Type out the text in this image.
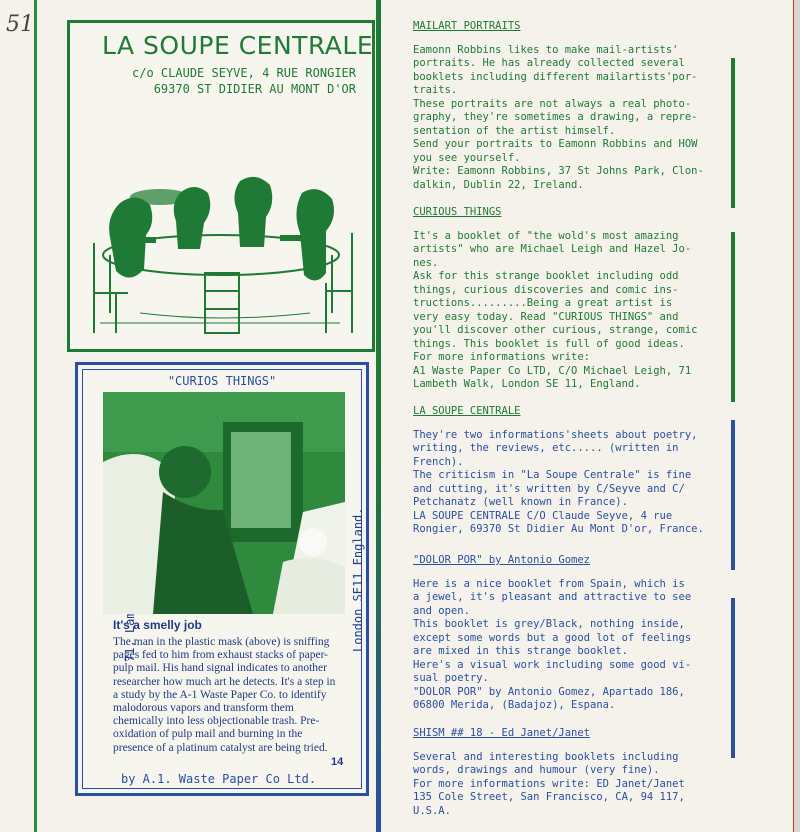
51
LA SOUPE CENTRALE
c/o CLAUDE SEYVE, 4 RUE RONGIER
69370 ST DIDIER AU MONT D'OR
"CURIOS THINGS"
London SE11 England.
It's a smelly job
The man in the plastic mask (above) is sniffing pages fed to him from exhaust stacks of paper-pulp mail. His hand signal indicates to another researcher how much art he detects. It's a step in a study by the A-1 Waste Paper Co. to identify malodorous vapors and transform them chemically into less objectionable trash. Pre-oxidation of pulp mail and burning in the presence of a platinum catalyst are being tried.
14
by A.1. Waste Paper Co Ltd.
MAILART PORTRAITS
Eamonn Robbins likes to make mail-artists'
portraits. He has already collected several
booklets including different mailartists'por-
traits.
These portraits are not always a real photo-
graphy, they're sometimes a drawing, a repre-
sentation of the artist himself.
Send your portraits to Eamonn Robbins and HOW
you see yourself.
Write: Eamonn Robbins, 37 St Johns Park, Clon-
dalkin, Dublin 22, Ireland.
CURIOUS THINGS
It's a booklet of "the wold's most amazing
artists" who are Michael Leigh and Hazel Jo-
nes.
Ask for this strange booklet including odd
things, curious discoveries and comic ins-
tructions.........Being a great artist is
very easy today. Read "CURIOUS THINGS" and
you'll discover other curious, strange, comic
things. This booklet is full of good ideas.
For more informations write:
A1 Waste Paper Co LTD, C/O Michael Leigh, 71
Lambeth Walk, London SE 11, England.
LA SOUPE CENTRALE
They're two informations'sheets about poetry,
writing, the reviews, etc..... (written in
French).
The criticism in "La Soupe Centrale" is fine
and cutting, it's written by C/Seyve and C/
Petchanatz (well known in France).
LA SOUPE CENTRALE C/O Claude Seyve, 4 rue
Rongier, 69370 St Didier Au Mont D'or, France.
"DOLOR POR" by Antonio Gomez
Here is a nice booklet from Spain, which is
a jewel, it's pleasant and attractive to see
and open.
This booklet is grey/Black, nothing inside,
except some words but a good lot of feelings
are mixed in this strange booklet.
Here's a visual work including some good vi-
sual poetry.
"DOLOR POR" by Antonio Gomez, Apartado 186,
06800 Merida, (Badajoz), Espana.
SHISM ## 18 - Ed Janet/Janet
Several and interesting booklets including
words, drawings and humour (very fine).
For more informations write: ED Janet/Janet
135 Cole Street, San Francisco, CA, 94 117,
U.S.A.
